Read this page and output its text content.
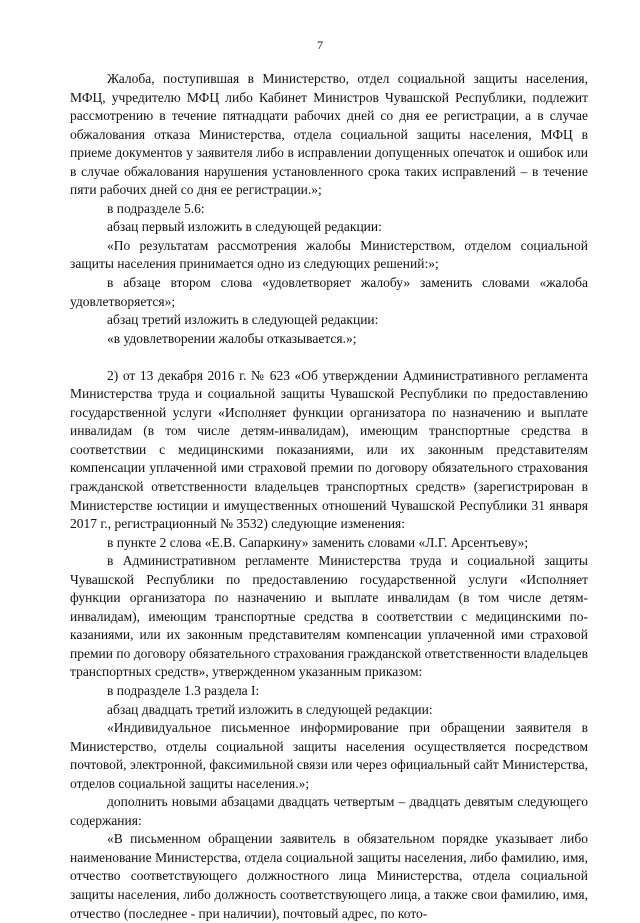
7

Жалоба, поступившая в Министерство, отдел социальной защиты населения, МФЦ, учредителю МФЦ либо Кабинет Министров Чувашской Республики, подлежит рассмотрению в течение пятнадцати рабочих дней со дня ее регистрации, а в случае обжалования отказа Министерства, отдела социальной защиты населения, МФЦ в приеме документов у заявителя либо в исправлении допущенных опечаток и ошибок или в случае обжалования нарушения установленного срока таких исправлений – в течение пяти рабочих дней со дня ее регистрации.»;

в подразделе 5.6:

абзац первый изложить в следующей редакции:

«По результатам рассмотрения жалобы Министерством, отделом социальной защиты населения принимается одно из следующих решений:»;

в абзаце втором слова «удовлетворяет жалобу» заменить словами «жалоба удовлетворяется»;

абзац третий изложить в следующей редакции:

«в удовлетворении жалобы отказывается.»;

2) от 13 декабря 2016 г. № 623 «Об утверждении Административного регламента Министерства труда и социальной защиты Чувашской Республики по предоставлению государственной услуги «Исполняет функции организатора по назначению и выплате инвалидам (в том числе детям-инвалидам), имеющим транспортные средства в соответствии с медицинскими показаниями, или их законным представителям компенсации уплаченной ими страховой премии по договору обязательного страхования гражданской ответственности владельцев транспортных средств» (зарегистрирован в Министерстве юстиции и имущественных отношений Чувашской Республики 31 января 2017 г., регистрационный № 3532) следующие изменения:

в пункте 2 слова «Е.В. Сапаркину» заменить словами «Л.Г. Арсентьеву»;

в Административном регламенте Министерства труда и социальной защиты Чувашской Республики по предоставлению государственной услуги «Исполняет функции организатора по назначению и выплате инвалидам (в том числе детям-инвалидам), имеющим транспортные средства в соответствии с медицинскими показаниями, или их законным представителям компенсации уплаченной ими страховой премии по договору обязательного страхования гражданской ответственности владельцев транспортных средств», утвержденном указанным приказом:

в подразделе 1.3 раздела I:

абзац двадцать третий изложить в следующей редакции:

«Индивидуальное письменное информирование при обращении заявителя в Министерство, отделы социальной защиты населения осуществляется посредством почтовой, электронной, факсимильной связи или через официальный сайт Министерства, отделов социальной защиты населения.»;

дополнить новыми абзацами двадцать четвертым – двадцать девятым следующего содержания:

«В письменном обращении заявитель в обязательном порядке указывает либо наименование Министерства, отдела социальной защиты населения, либо фамилию, имя, отчество соответствующего должностного лица Министерства, отдела социальной защиты населения, либо должность соответствующего лица, а также свои фамилию, имя, отчество (последнее - при наличии), почтовый адрес, по кото-
